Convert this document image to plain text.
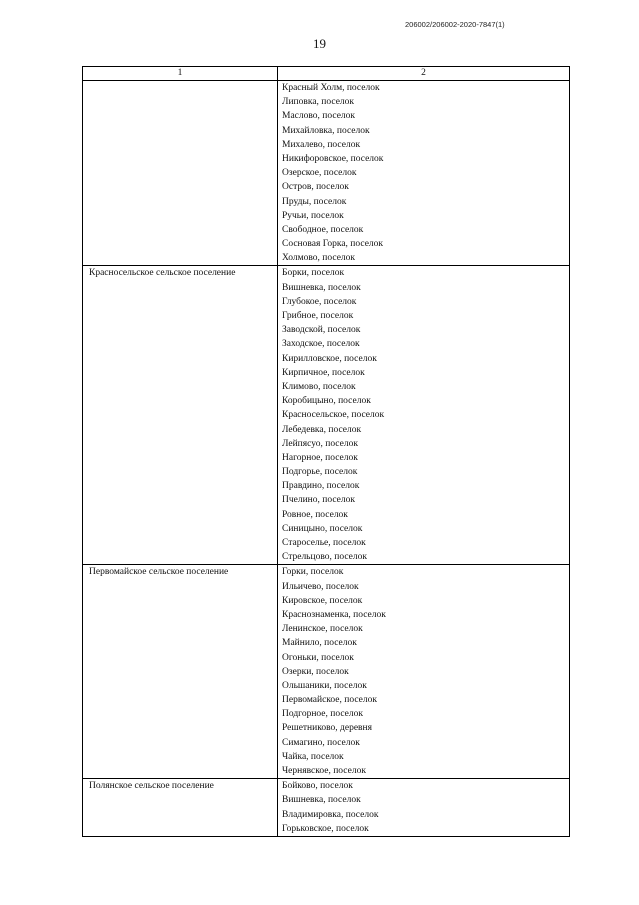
206002/206002-2020-7847(1)
19
1	2
Красный Холм, поселок
Липовка, поселок
Маслово, поселок
Михайловка, поселок
Михалево, поселок
Никифоровское, поселок
Озерское, поселок
Остров, поселок
Пруды, поселок
Ручьи, поселок
Свободное, поселок
Сосновая Горка, поселок
Холмово, поселок
Красносельское сельское поселение	Борки, поселок
Вишневка, поселок
Глубокое, поселок
Грибное, поселок
Заводской, поселок
Заходское, поселок
Кирилловское, поселок
Кирпичное, поселок
Климово, поселок
Коробицыно, поселок
Красносельское, поселок
Лебедевка, поселок
Лейпясуо, поселок
Нагорное, поселок
Подгорье, поселок
Правдино, поселок
Пчелино, поселок
Ровное, поселок
Синицыно, поселок
Староселье, поселок
Стрельцово, поселок
Первомайское сельское поселение	Горки, поселок
Ильичево, поселок
Кировское, поселок
Краснознаменка, поселок
Ленинское, поселок
Майнило, поселок
Огоньки, поселок
Озерки, поселок
Ольшаники, поселок
Первомайское, поселок
Подгорное, поселок
Решетниково, деревня
Симагино, поселок
Чайка, поселок
Чернявское, поселок
Полянское сельское поселение	Бойково, поселок
Вишневка, поселок
Владимировка, поселок
Горьковское, поселок
